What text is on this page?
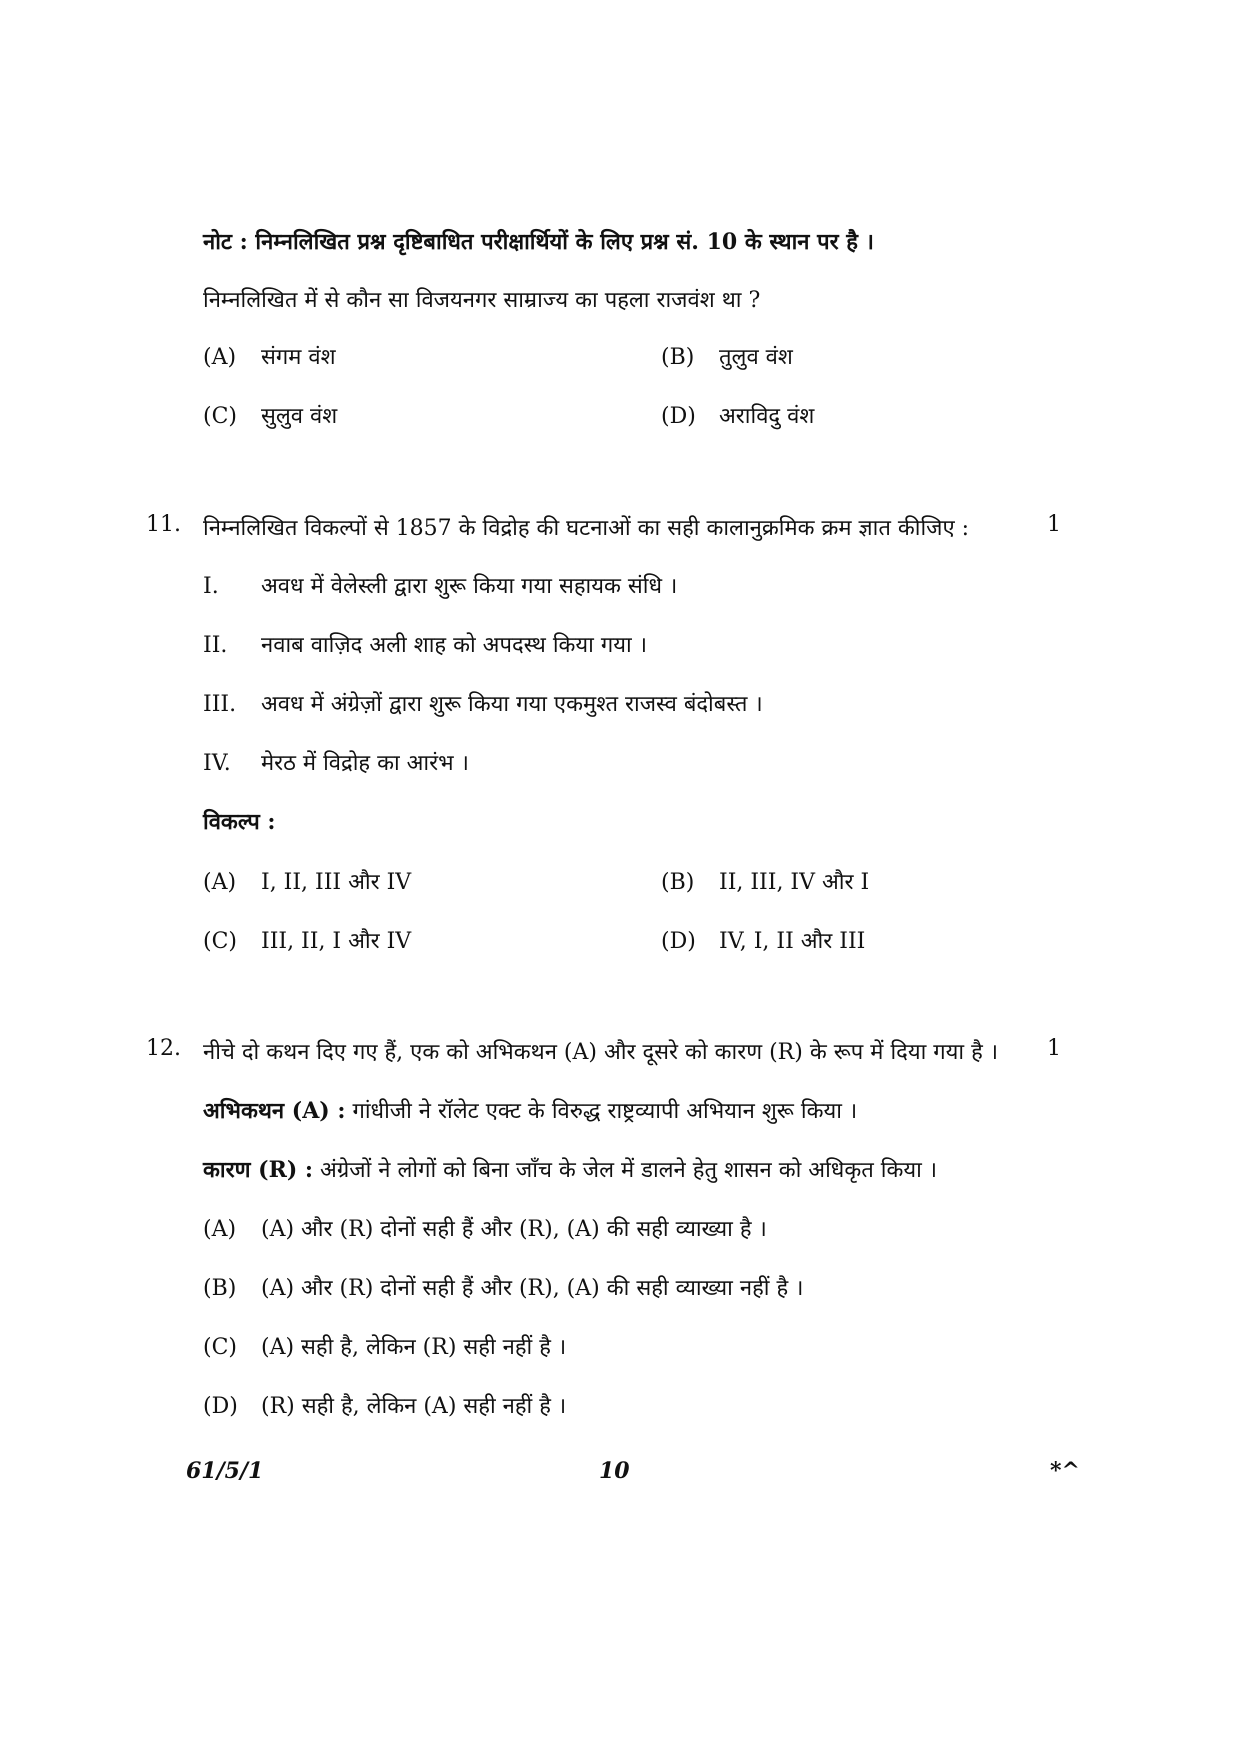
नोट : निम्नलिखित प्रश्न दृष्टिबाधित परीक्षार्थियों के लिए प्रश्न सं. 10 के स्थान पर है ।
निम्नलिखित में से कौन सा विजयनगर साम्राज्य का पहला राजवंश था ?
(A) संगम वंश	(B) तुलुव वंश
(C) सुलुव वंश	(D) अराविदु वंश
11. निम्नलिखित विकल्पों से 1857 के विद्रोह की घटनाओं का सही कालानुक्रमिक क्रम ज्ञात कीजिए :	1
I. अवध में वेलेस्ली द्वारा शुरू किया गया सहायक संधि ।
II. नवाब वाज़िद अली शाह को अपदस्थ किया गया ।
III. अवध में अंग्रेज़ों द्वारा शुरू किया गया एकमुश्त राजस्व बंदोबस्त ।
IV. मेरठ में विद्रोह का आरंभ ।
विकल्प :
(A) I, II, III और IV	(B) II, III, IV और I
(C) III, II, I और IV	(D) IV, I, II और III
12. नीचे दो कथन दिए गए हैं, एक को अभिकथन (A) और दूसरे को कारण (R) के रूप में दिया गया है । 1
अभिकथन (A) : गांधीजी ने रॉलेट एक्ट के विरुद्ध राष्ट्रव्यापी अभियान शुरू किया ।
कारण (R) : अंग्रेजों ने लोगों को बिना जाँच के जेल में डालने हेतु शासन को अधिकृत किया ।
(A) (A) और (R) दोनों सही हैं और (R), (A) की सही व्याख्या है ।
(B) (A) और (R) दोनों सही हैं और (R), (A) की सही व्याख्या नहीं है ।
(C) (A) सही है, लेकिन (R) सही नहीं है ।
(D) (R) सही है, लेकिन (A) सही नहीं है ।
61/5/1	10	*^
